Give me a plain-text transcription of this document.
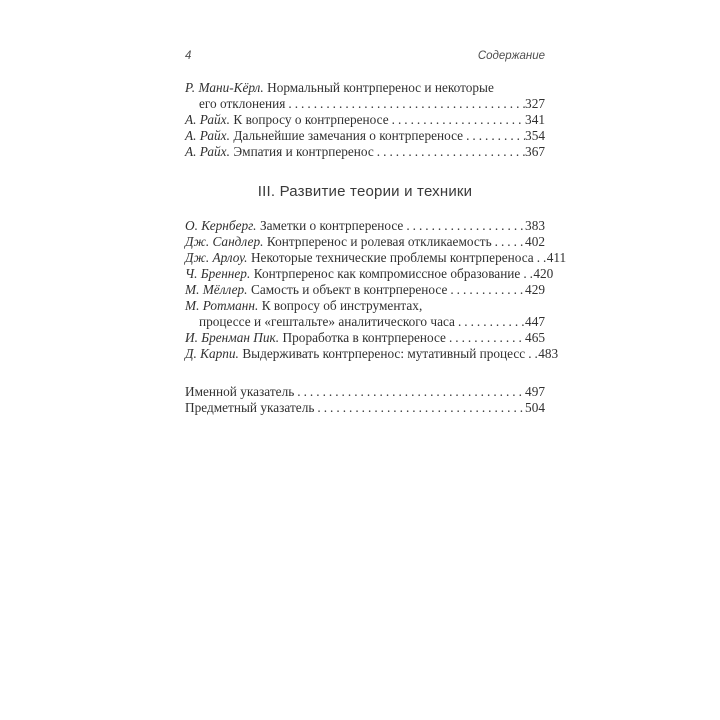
4	Содержание
Р. Мани-Кёрл. Нормальный контрперенос и некоторые
его отклонения .....	327
А. Райх. К вопросу о контрпереносе .....	341
А. Райх. Дальнейшие замечания о контрпереносе .....	354
А. Райх. Эмпатия и контрперенос .....	367
III. Развитие теории и техники
О. Кернберг. Заметки о контрпереносе .....	383
Дж. Сандлер. Контрперенос и ролевая откликаемость .....	402
Дж. Арлоу. Некоторые технические проблемы контрпереноса ..... 411
Ч. Бреннер. Контрперенос как компромиссное образование ..... 420
М. Мёллер. Самость и объект в контрпереносе .....	429
М. Ротманн. К вопросу об инструментах,
процессе и «гештальте» аналитического часа .....	447
И. Бренман Пик. Проработка в контрпереносе .....	465
Д. Карпи. Выдерживать контрперенос: мутативный процесс ..... 483
Именной указатель .....	497
Предметный указатель .....	504
